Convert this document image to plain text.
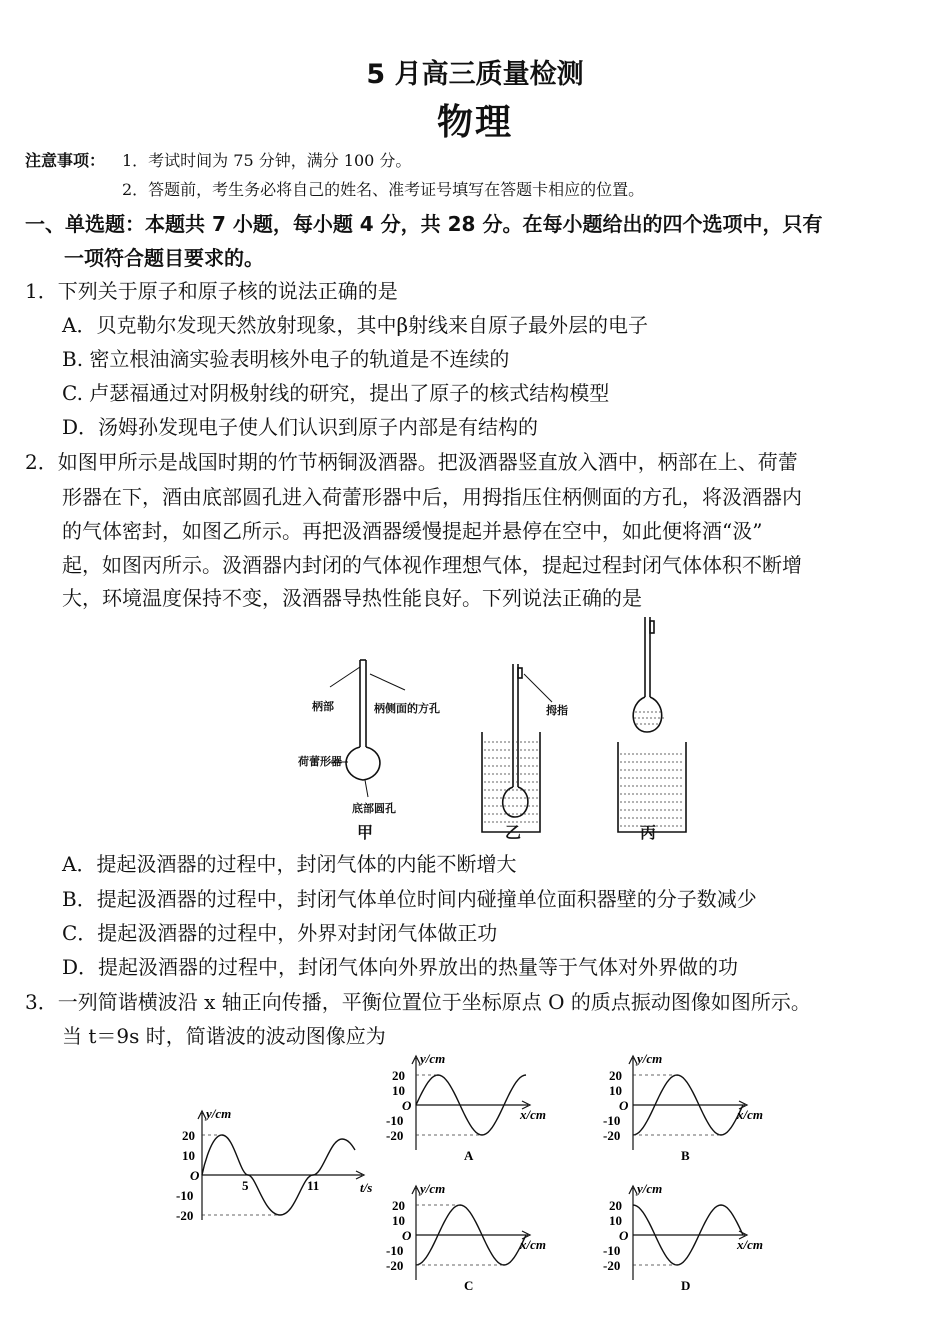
5 月高三质量检测
物理
注意事项： 1．考试时间为 75 分钟，满分 100 分。
2．答题前，考生务必将自己的姓名、准考证号填写在答题卡相应的位置。
一、单选题：本题共 7 小题，每小题 4 分，共 28 分。在每小题给出的四个选项中，只有
一项符合题目要求的。
1．下列关于原子和原子核的说法正确的是
A．贝克勒尔发现天然放射现象，其中β射线来自原子最外层的电子
B. 密立根油滴实验表明核外电子的轨道是不连续的
C. 卢瑟福通过对阴极射线的研究，提出了原子的核式结构模型
D．汤姆孙发现电子使人们认识到原子内部是有结构的
2．如图甲所示是战国时期的竹节柄铜汲酒器。把汲酒器竖直放入酒中，柄部在上、荷蕾
形器在下，酒由底部圆孔进入荷蕾形器中后，用拇指压住柄侧面的方孔，将汲酒器内
的气体密封，如图乙所示。再把汲酒器缓慢提起并悬停在空中，如此便将酒“汲”
起，如图丙所示。汲酒器内封闭的气体视作理想气体，提起过程封闭气体体积不断增
大，环境温度保持不变，汲酒器导热性能良好。下列说法正确的是
柄部	柄侧面的方孔
荷蕾形器
底部圆孔
拇指
甲	乙	丙
A．提起汲酒器的过程中，封闭气体的内能不断增大
B．提起汲酒器的过程中，封闭气体单位时间内碰撞单位面积器壁的分子数减少
C．提起汲酒器的过程中，外界对封闭气体做正功
D．提起汲酒器的过程中，封闭气体向外界放出的热量等于气体对外界做的功
3．一列简谐横波沿 x 轴正向传播，平衡位置位于坐标原点 O 的质点振动图像如图所示。
当 t＝9s 时，简谐波的波动图像应为
y/cm
t/s
20
10
O
-10
-20
5	11
y/cm
x/cm
20
10
O
-10
-20
A
y/cm
x/cm
20
10
O
-10
-20
B
y/cm
x/cm
20
10
O
-10
-20
C
y/cm
x/cm
20
10
O
-10
-20
D
